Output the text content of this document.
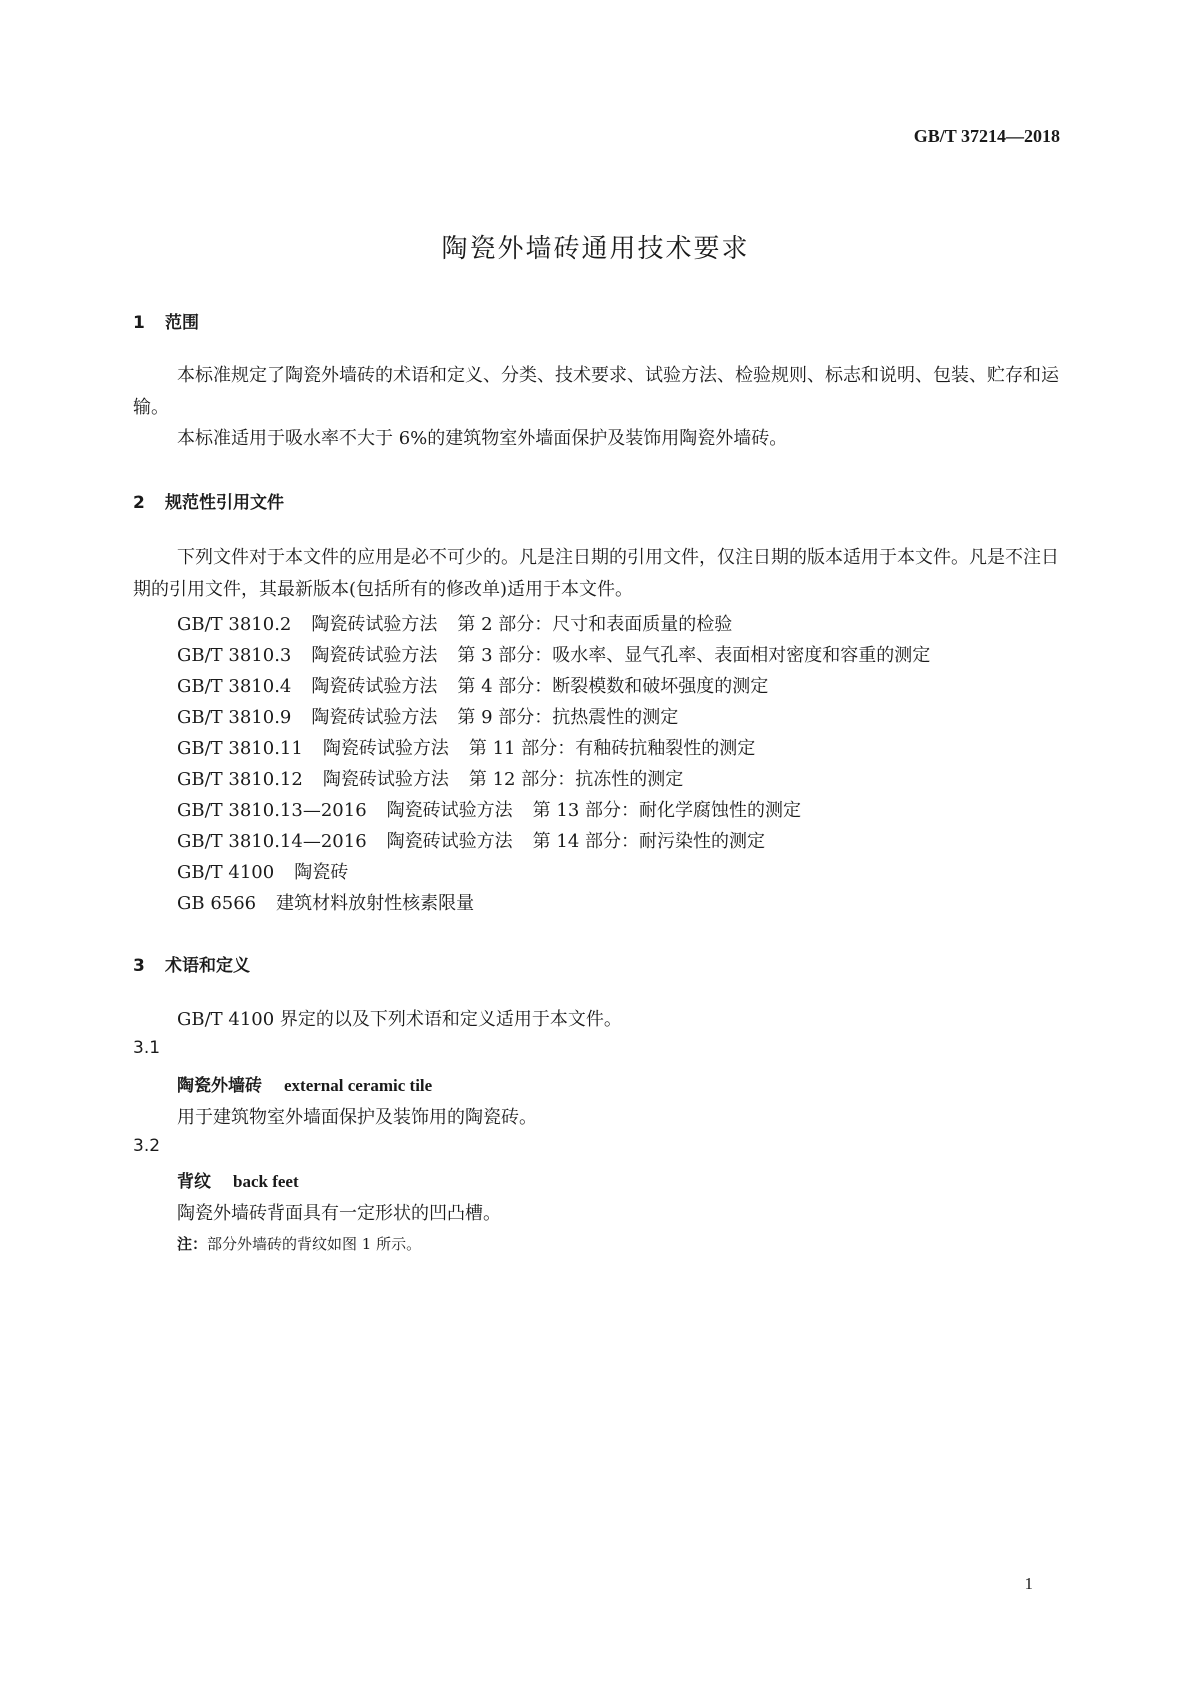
GB/T 37214—2018
陶瓷外墙砖通用技术要求
1 范围
本标准规定了陶瓷外墙砖的术语和定义、分类、技术要求、试验方法、检验规则、标志和说明、包装、贮存和运输。
本标准适用于吸水率不大于 6%的建筑物室外墙面保护及装饰用陶瓷外墙砖。
2 规范性引用文件
下列文件对于本文件的应用是必不可少的。凡是注日期的引用文件，仅注日期的版本适用于本文件。凡是不注日期的引用文件，其最新版本(包括所有的修改单)适用于本文件。
GB/T 3810.2 陶瓷砖试验方法 第 2 部分：尺寸和表面质量的检验
GB/T 3810.3 陶瓷砖试验方法 第 3 部分：吸水率、显气孔率、表面相对密度和容重的测定
GB/T 3810.4 陶瓷砖试验方法 第 4 部分：断裂模数和破坏强度的测定
GB/T 3810.9 陶瓷砖试验方法 第 9 部分：抗热震性的测定
GB/T 3810.11 陶瓷砖试验方法 第 11 部分：有釉砖抗釉裂性的测定
GB/T 3810.12 陶瓷砖试验方法 第 12 部分：抗冻性的测定
GB/T 3810.13—2016 陶瓷砖试验方法 第 13 部分：耐化学腐蚀性的测定
GB/T 3810.14—2016 陶瓷砖试验方法 第 14 部分：耐污染性的测定
GB/T 4100 陶瓷砖
GB 6566 建筑材料放射性核素限量
3 术语和定义
GB/T 4100 界定的以及下列术语和定义适用于本文件。
3.1
陶瓷外墙砖 external ceramic tile
用于建筑物室外墙面保护及装饰用的陶瓷砖。
3.2
背纹 back feet
陶瓷外墙砖背面具有一定形状的凹凸槽。
注：部分外墙砖的背纹如图 1 所示。
1
